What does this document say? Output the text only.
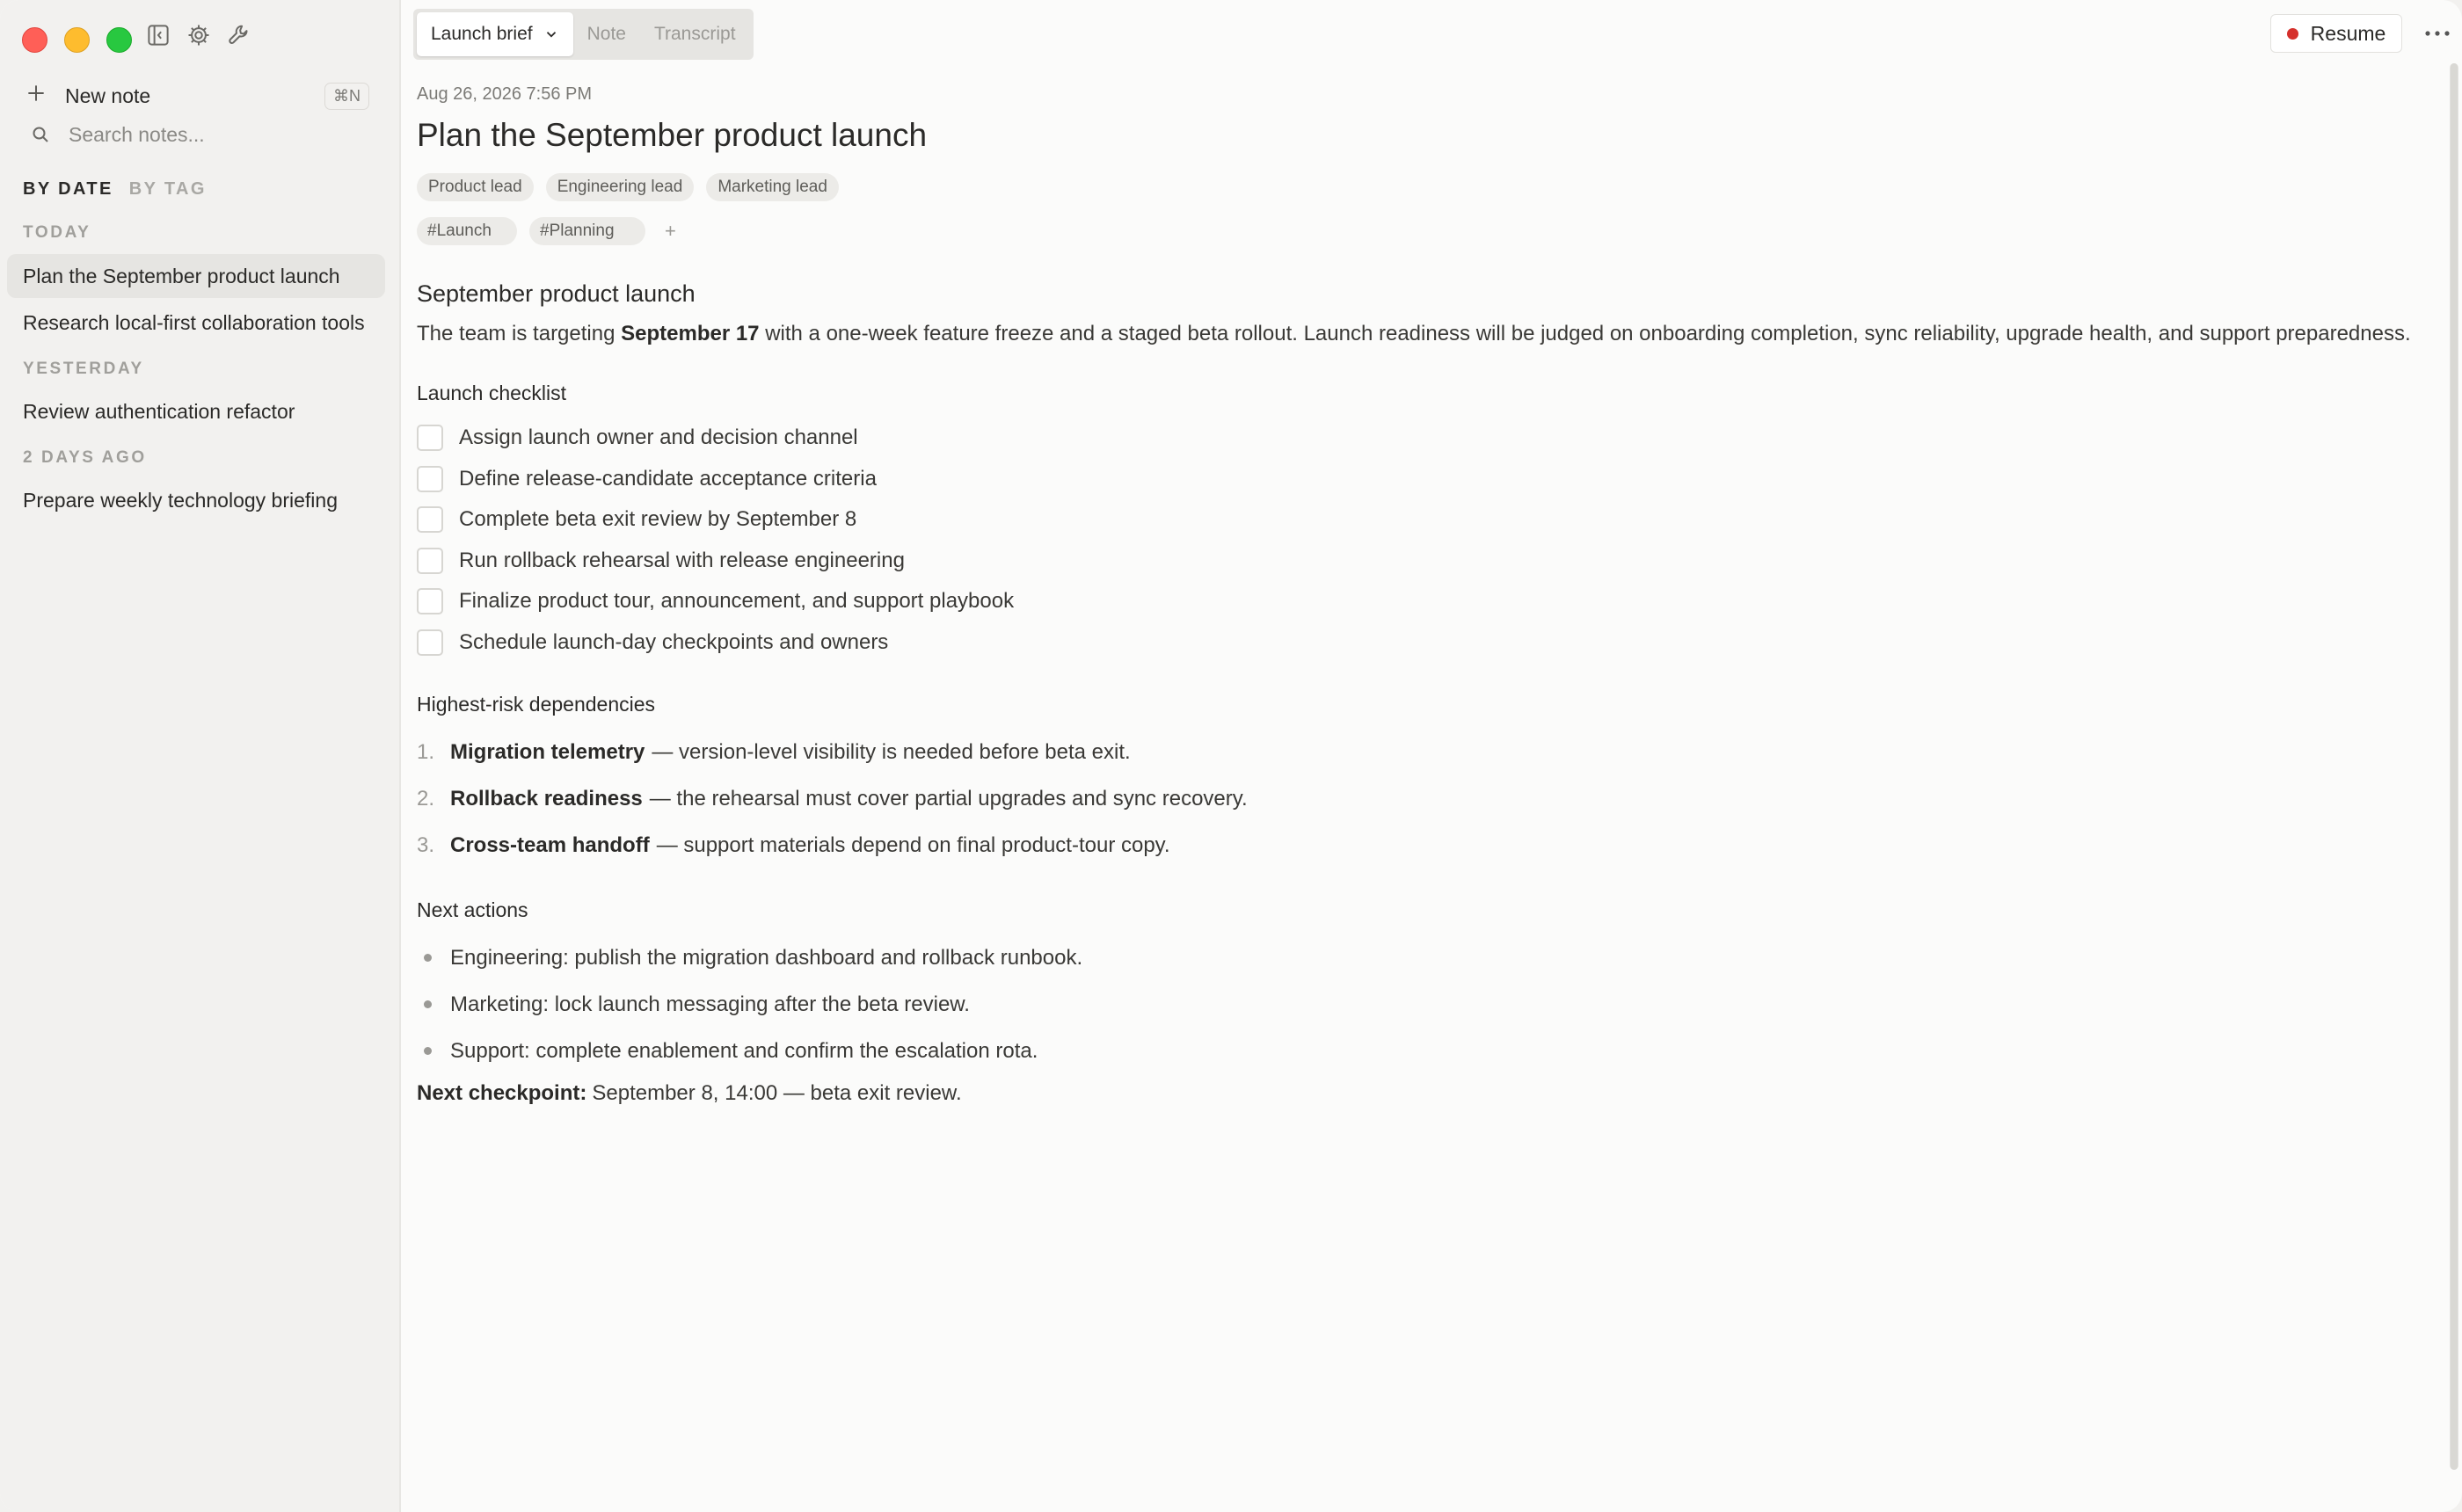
New note	⌘N
Search notes...
BY DATE BY TAG
TODAY
Plan the September product launch
Research local-first collaboration tools
YESTERDAY
Review authentication refactor
2 DAYS AGO
Prepare weekly technology briefing
Launch brief	Note	Transcript	Resume
Aug 26, 2026 7:56 PM
Plan the September product launch
Product lead	Engineering lead	Marketing lead
#Launch	#Planning	+
September product launch
The team is targeting September 17 with a one-week feature freeze and a staged beta rollout. Launch readiness will be judged on onboarding completion, sync reliability, upgrade health, and support preparedness.
Launch checklist
Assign launch owner and decision channel
Define release-candidate acceptance criteria
Complete beta exit review by September 8
Run rollback rehearsal with release engineering
Finalize product tour, announcement, and support playbook
Schedule launch-day checkpoints and owners
Highest-risk dependencies
1. Migration telemetry — version-level visibility is needed before beta exit.
2. Rollback readiness — the rehearsal must cover partial upgrades and sync recovery.
3. Cross-team handoff — support materials depend on final product-tour copy.
Next actions
Engineering: publish the migration dashboard and rollback runbook.
Marketing: lock launch messaging after the beta review.
Support: complete enablement and confirm the escalation rota.
Next checkpoint: September 8, 14:00 — beta exit review.
